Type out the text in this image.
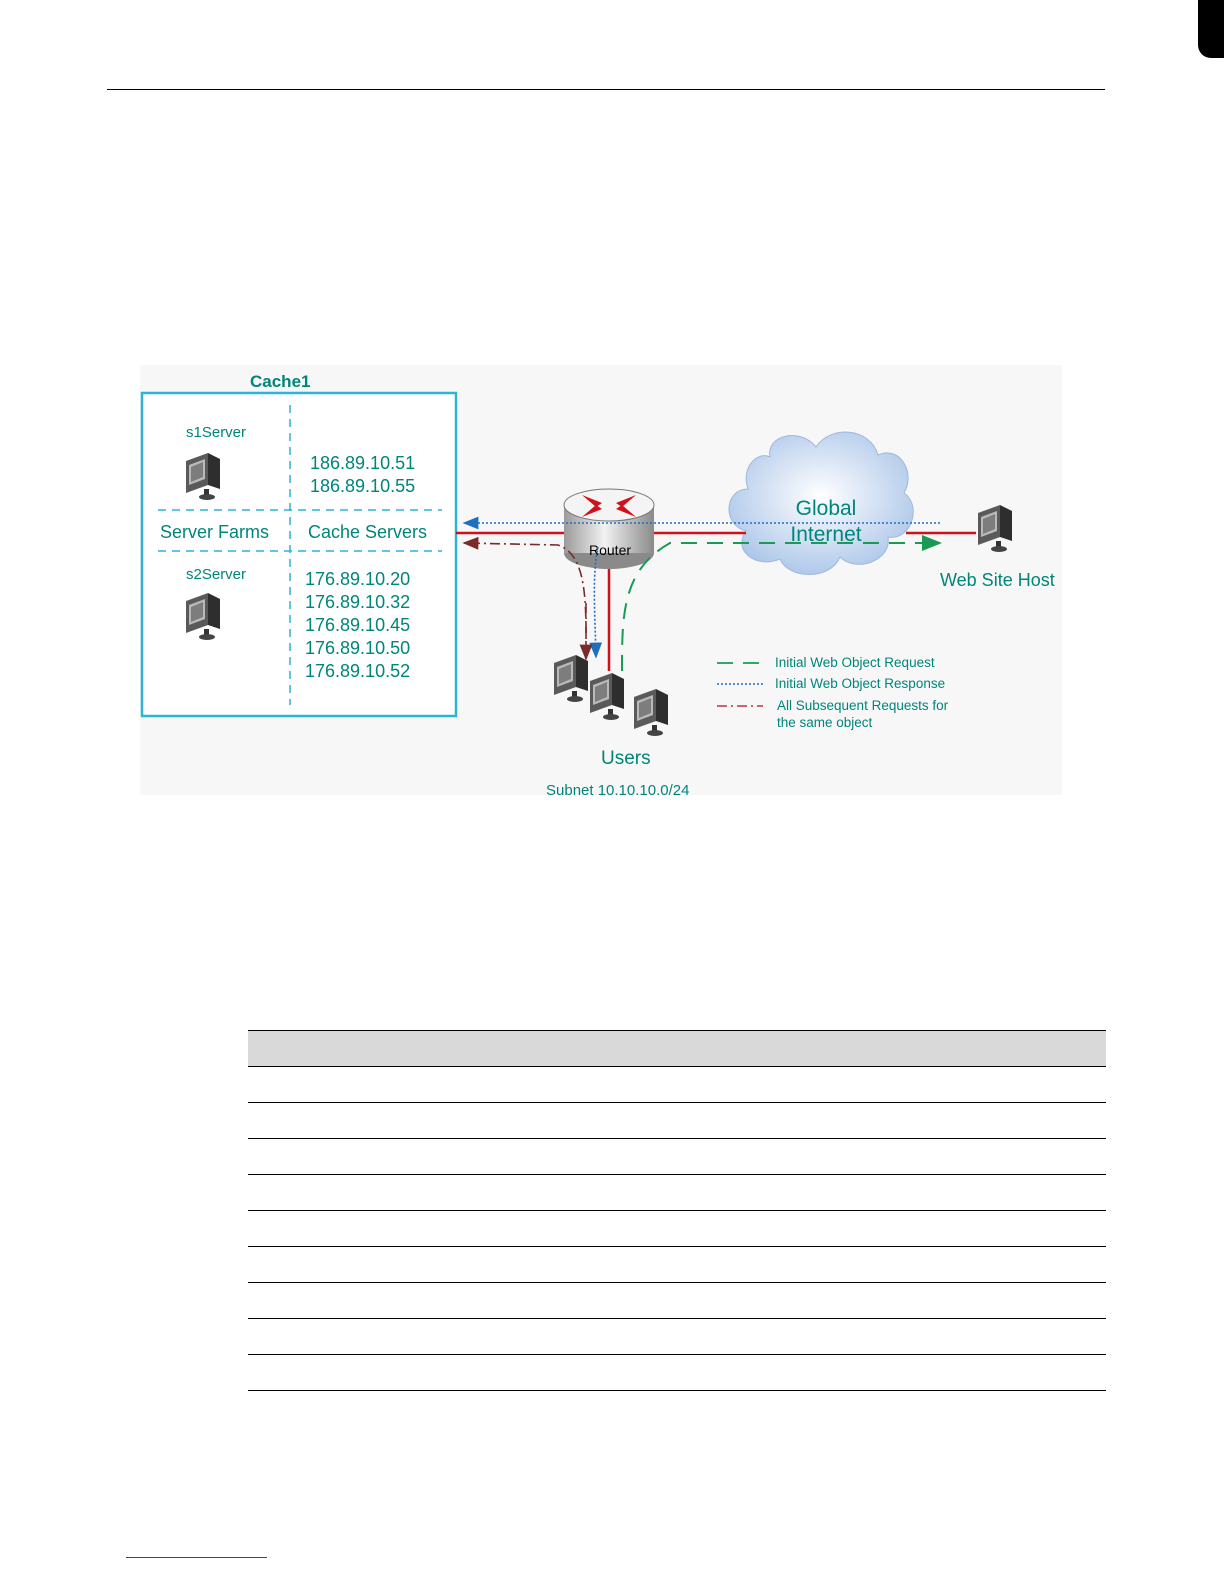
Cache1
s1Server
186.89.10.51
186.89.10.55
Server Farms Cache Servers
s2Server	176.89.10.20
176.89.10.32
176.89.10.45
176.89.10.50
176.89.10.52
Global
Internet
Router
Web Site Host
Users
Subnet 10.10.10.0/24
Initial Web Object Request
Initial Web Object Response
All Subsequent Requests for
the same object
